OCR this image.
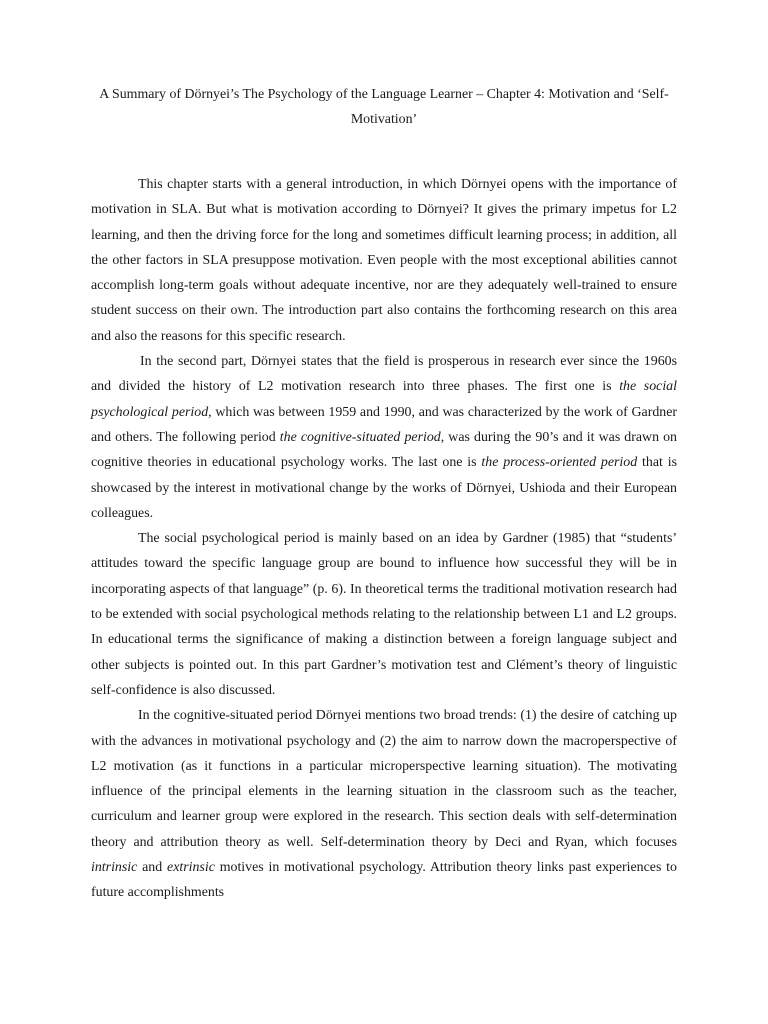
A Summary of Dörnyei’s The Psychology of the Language Learner – Chapter 4: Motivation and ‘Self-Motivation’

This chapter starts with a general introduction, in which Dörnyei opens with the importance of motivation in SLA. But what is motivation according to Dörnyei? It gives the primary impetus for L2 learning, and then the driving force for the long and sometimes difficult learning process; in addition, all the other factors in SLA presuppose motivation. Even people with the most exceptional abilities cannot accomplish long-term goals without adequate incentive, nor are they adequately well-trained to ensure student success on their own. The introduction part also contains the forthcoming research on this area and also the reasons for this specific research.

In the second part, Dörnyei states that the field is prosperous in research ever since the 1960s and divided the history of L2 motivation research into three phases. The first one is the social psychological period, which was between 1959 and 1990, and was characterized by the work of Gardner and others. The following period the cognitive-situated period, was during the 90’s and it was drawn on cognitive theories in educational psychology works. The last one is the process-oriented period that is showcased by the interest in motivational change by the works of Dörnyei, Ushioda and their European colleagues.

The social psychological period is mainly based on an idea by Gardner (1985) that “students’ attitudes toward the specific language group are bound to influence how successful they will be in incorporating aspects of that language” (p. 6). In theoretical terms the traditional motivation research had to be extended with social psychological methods relating to the relationship between L1 and L2 groups. In educational terms the significance of making a distinction between a foreign language subject and other subjects is pointed out. In this part Gardner’s motivation test and Clément’s theory of linguistic self-confidence is also discussed.

In the cognitive-situated period Dörnyei mentions two broad trends: (1) the desire of catching up with the advances in motivational psychology and (2) the aim to narrow down the macroperspective of L2 motivation (as it functions in a particular microperspective learning situation). The motivating influence of the principal elements in the learning situation in the classroom such as the teacher, curriculum and learner group were explored in the research. This section deals with self-determination theory and attribution theory as well. Self-determination theory by Deci and Ryan, which focuses intrinsic and extrinsic motives in motivational psychology. Attribution theory links past experiences to future accomplishments
